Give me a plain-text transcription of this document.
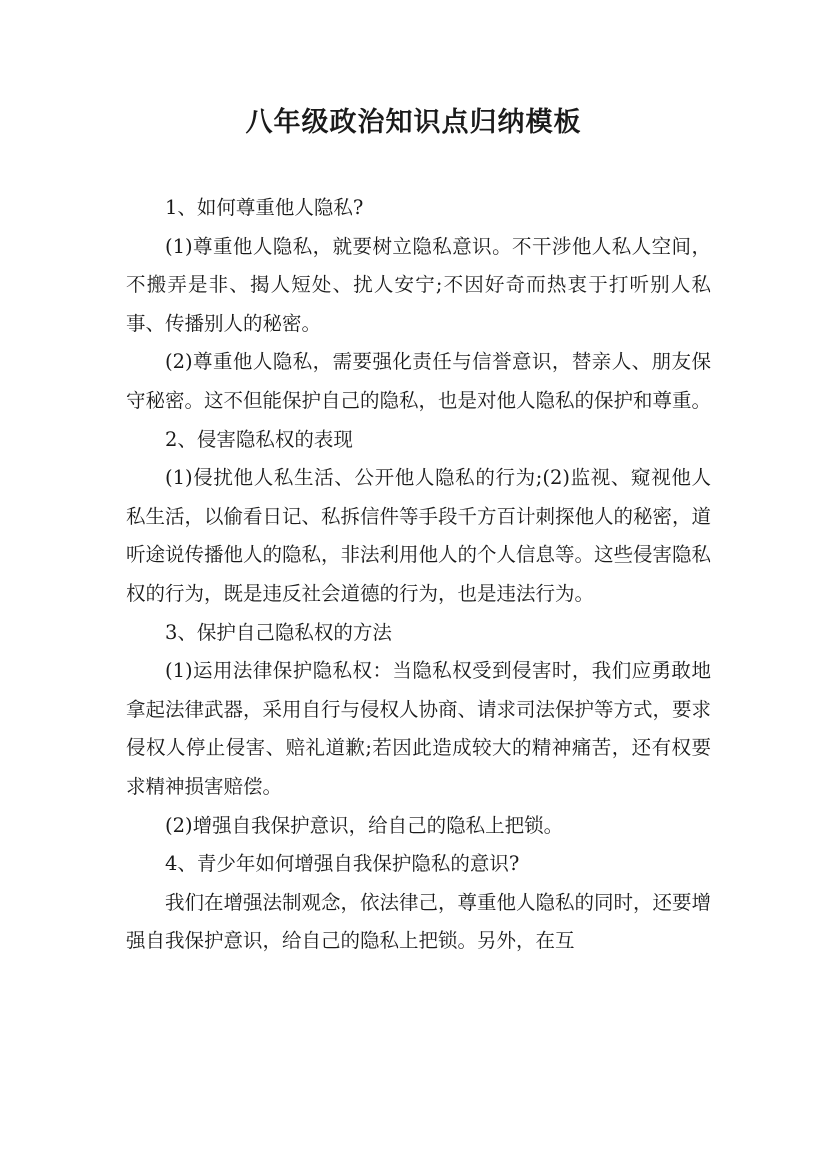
八年级政治知识点归纳模板

1、如何尊重他人隐私?

(1)尊重他人隐私，就要树立隐私意识。不干涉他人私人空间，不搬弄是非、揭人短处、扰人安宁;不因好奇而热衷于打听别人私事、传播别人的秘密。

(2)尊重他人隐私，需要强化责任与信誉意识，替亲人、朋友保守秘密。这不但能保护自己的隐私，也是对他人隐私的保护和尊重。

2、侵害隐私权的表现

(1)侵扰他人私生活、公开他人隐私的行为;(2)监视、窥视他人私生活，以偷看日记、私拆信件等手段千方百计刺探他人的秘密，道听途说传播他人的隐私，非法利用他人的个人信息等。这些侵害隐私权的行为，既是违反社会道德的行为，也是违法行为。

3、保护自己隐私权的方法

(1)运用法律保护隐私权：当隐私权受到侵害时，我们应勇敢地拿起法律武器，采用自行与侵权人协商、请求司法保护等方式，要求侵权人停止侵害、赔礼道歉;若因此造成较大的精神痛苦，还有权要求精神损害赔偿。

(2)增强自我保护意识，给自己的隐私上把锁。

4、青少年如何增强自我保护隐私的意识?

我们在增强法制观念，依法律己，尊重他人隐私的同时，还要增强自我保护意识，给自己的隐私上把锁。另外，在互
